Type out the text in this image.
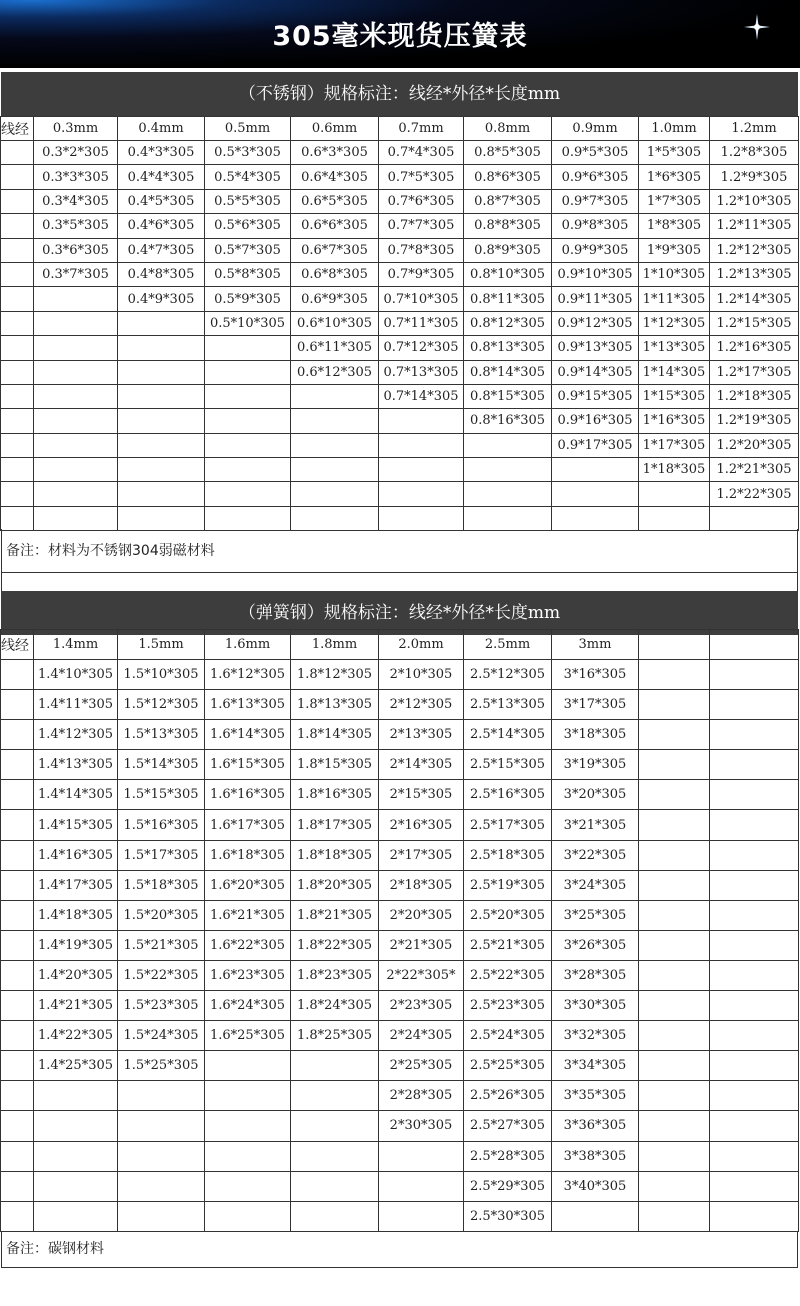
305毫米现货压簧表
（不锈钢）规格标注：线经*外径*长度mm
线经	0.3mm	0.4mm	0.5mm	0.6mm	0.7mm	0.8mm	0.9mm	1.0mm	1.2mm
	0.3*2*305	0.4*3*305	0.5*3*305	0.6*3*305	0.7*4*305	0.8*5*305	0.9*5*305	1*5*305	1.2*8*305
	0.3*3*305	0.4*4*305	0.5*4*305	0.6*4*305	0.7*5*305	0.8*6*305	0.9*6*305	1*6*305	1.2*9*305
	0.3*4*305	0.4*5*305	0.5*5*305	0.6*5*305	0.7*6*305	0.8*7*305	0.9*7*305	1*7*305	1.2*10*305
	0.3*5*305	0.4*6*305	0.5*6*305	0.6*6*305	0.7*7*305	0.8*8*305	0.9*8*305	1*8*305	1.2*11*305
	0.3*6*305	0.4*7*305	0.5*7*305	0.6*7*305	0.7*8*305	0.8*9*305	0.9*9*305	1*9*305	1.2*12*305
	0.3*7*305	0.4*8*305	0.5*8*305	0.6*8*305	0.7*9*305	0.8*10*305	0.9*10*305	1*10*305	1.2*13*305
		0.4*9*305	0.5*9*305	0.6*9*305	0.7*10*305	0.8*11*305	0.9*11*305	1*11*305	1.2*14*305
			0.5*10*305	0.6*10*305	0.7*11*305	0.8*12*305	0.9*12*305	1*12*305	1.2*15*305
				0.6*11*305	0.7*12*305	0.8*13*305	0.9*13*305	1*13*305	1.2*16*305
				0.6*12*305	0.7*13*305	0.8*14*305	0.9*14*305	1*14*305	1.2*17*305
					0.7*14*305	0.8*15*305	0.9*15*305	1*15*305	1.2*18*305
						0.8*16*305	0.9*16*305	1*16*305	1.2*19*305
							0.9*17*305	1*17*305	1.2*20*305
								1*18*305	1.2*21*305
									1.2*22*305

备注：材料为不锈钢304弱磁材料
（弹簧钢）规格标注：线经*外径*长度mm
线经	1.4mm	1.5mm	1.6mm	1.8mm	2.0mm	2.5mm	3mm		
	1.4*10*305	1.5*10*305	1.6*12*305	1.8*12*305	2*10*305	2.5*12*305	3*16*305		
	1.4*11*305	1.5*12*305	1.6*13*305	1.8*13*305	2*12*305	2.5*13*305	3*17*305		
	1.4*12*305	1.5*13*305	1.6*14*305	1.8*14*305	2*13*305	2.5*14*305	3*18*305		
	1.4*13*305	1.5*14*305	1.6*15*305	1.8*15*305	2*14*305	2.5*15*305	3*19*305		
	1.4*14*305	1.5*15*305	1.6*16*305	1.8*16*305	2*15*305	2.5*16*305	3*20*305		
	1.4*15*305	1.5*16*305	1.6*17*305	1.8*17*305	2*16*305	2.5*17*305	3*21*305		
	1.4*16*305	1.5*17*305	1.6*18*305	1.8*18*305	2*17*305	2.5*18*305	3*22*305		
	1.4*17*305	1.5*18*305	1.6*20*305	1.8*20*305	2*18*305	2.5*19*305	3*24*305		
	1.4*18*305	1.5*20*305	1.6*21*305	1.8*21*305	2*20*305	2.5*20*305	3*25*305		
	1.4*19*305	1.5*21*305	1.6*22*305	1.8*22*305	2*21*305	2.5*21*305	3*26*305		
	1.4*20*305	1.5*22*305	1.6*23*305	1.8*23*305	2*22*305*	2.5*22*305	3*28*305		
	1.4*21*305	1.5*23*305	1.6*24*305	1.8*24*305	2*23*305	2.5*23*305	3*30*305		
	1.4*22*305	1.5*24*305	1.6*25*305	1.8*25*305	2*24*305	2.5*24*305	3*32*305		
	1.4*25*305	1.5*25*305			2*25*305	2.5*25*305	3*34*305		
					2*28*305	2.5*26*305	3*35*305		
					2*30*305	2.5*27*305	3*36*305		
						2.5*28*305	3*38*305		
						2.5*29*305	3*40*305		
						2.5*30*305			
备注：碳钢材料
